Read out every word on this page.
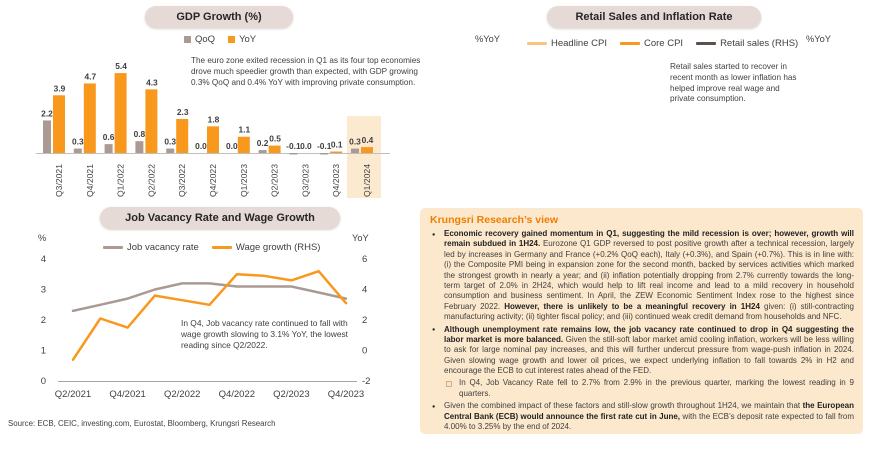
GDP Growth (%)
QoQ	YoY
The euro zone exited recession in Q1 as its four top economies drove much speedier growth than expected, with GDP growing 0.3% QoQ and 0.4% YoY with improving private consumption.
2.2
3.9
Q3/2021
0.3
4.7
Q4/2021
0.6
5.4
Q1/2022
0.8
4.3
Q2/2022
0.3
2.3
Q3/2022
0.0
1.8
Q4/2022
0.0
1.1
Q1/2023
0.2 0.5
Q2/2023
-0.1 0.0
Q3/2023
-0.1 0.1
Q4/2023
0.3 0.4
Q1/2024
Retail Sales and Inflation Rate
%YoY	%YoY
Headline CPI	Core CPI	Retail sales (RHS)
Retail sales started to recover in recent month as lower inflation has helped improve real wage and private consumption.
0
2
4
6
8
10
12
-4
-2
0
2
4
6
8
10
Dec-21 Apr-22 Aug-22 Dec-22 Apr-23 Aug-23 Dec-23 Apr-24
Job Vacancy Rate and Wage Growth
%	YoY
Job vacancy rate	Wage growth (RHS)
In Q4, Job vacancy rate continued to fall with wage growth slowing to 3.1% YoY, the lowest reading since Q2/2022.
0
1
2
3
4
-2
0
2
4
6
Q2/2021 Q4/2021 Q2/2022 Q4/2022 Q2/2023 Q4/2023
Source: ECB, CEIC, investing.com, Eurostat, Bloomberg, Krungsri Research
Krungsri Research’s view
●	Economic recovery gained momentum in Q1, suggesting the mild recession is over; however, growth will remain subdued in 1H24. Eurozone Q1 GDP reversed to post positive growth after a technical recession, largely led by increases in Germany and France (+0.2% QoQ each), Italy (+0.3%), and Spain (+0.7%). This is in line with: (i) the Composite PMI being in expansion zone for the second month, backed by services activities which marked the strongest growth in nearly a year; and (ii) inflation potentially dropping from 2.7% currently towards the long-term target of 2.0% in 2H24, which would help to lift real income and lead to a mild recovery in household consumption and business sentiment. In April, the ZEW Economic Sentiment Index rose to the highest since February 2022. However, there is unlikely to be a meaningful recovery in 1H24 given: (i) still-contracting manufacturing activity; (ii) tighter fiscal policy; and (iii) continued weak credit demand from households and NFC.
●	Although unemployment rate remains low, the job vacancy rate continued to drop in Q4 suggesting the labor market is more balanced. Given the still-soft labor market amid cooling inflation, workers will be less willing to ask for large nominal pay increases, and this will further undercut pressure from wage-push inflation in 2024. Given slowing wage growth and lower oil prices, we expect underlying inflation to fall towards 2% in H2 and encourage the ECB to cut interest rates ahead of the FED.
In Q4, Job Vacancy Rate fell to 2.7% from 2.9% in the previous quarter, marking the lowest reading in 9 quarters.
●	Given the combined impact of these factors and still-slow growth throughout 1H24, we maintain that the European Central Bank (ECB) would announce the first rate cut in June, with the ECB’s deposit rate expected to fall from 4.00% to 3.25% by the end of 2024.
